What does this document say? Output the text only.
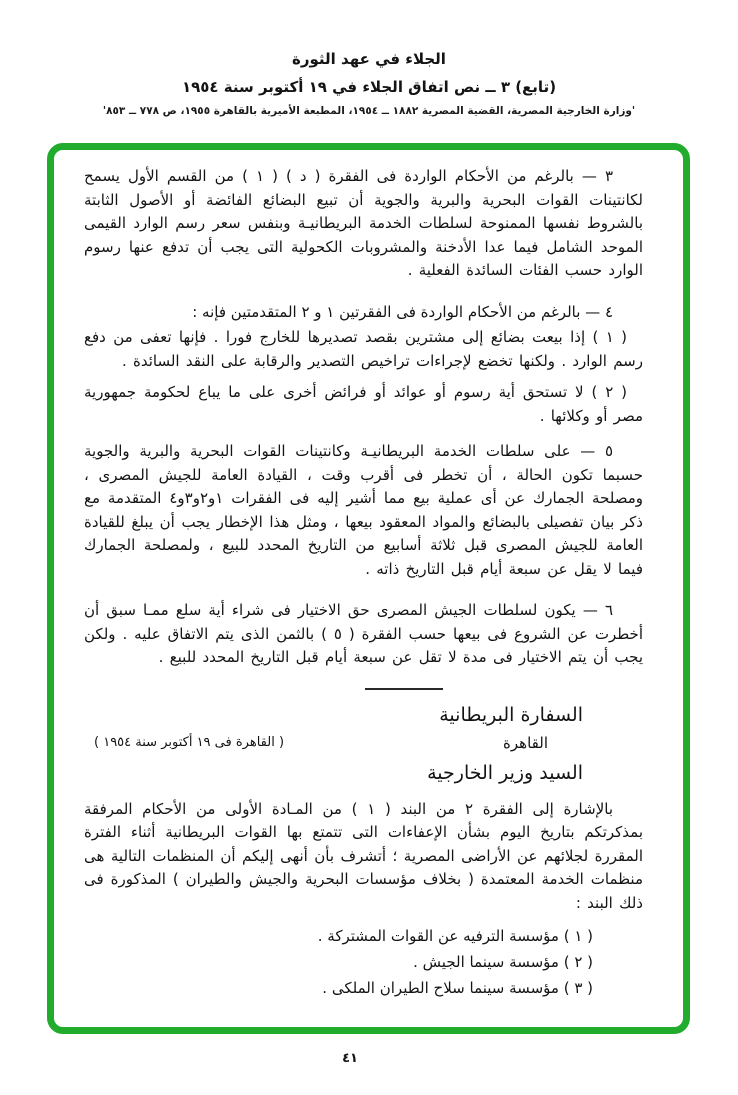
الجلاء في عهد الثورة
(تابع) ٣ ــ نص اتفاق الجلاء في ١٩ أكتوبر سنة ١٩٥٤
'وزارة الخارجية المصرية، القضية المصرية ١٨٨٢ ــ ١٩٥٤، المطبعة الأميرية بالقاهرة ١٩٥٥، ص ٧٧٨ ــ ٨٥٣'

٣ — بالرغم من الأحكام الواردة فى الفقرة ( د ) ( ١ ) من القسم الأول يسمح لكانتينات القوات البحرية والبرية والجوية أن تبيع البضائع الفائضة أو الأصول الثابتة بالشروط نفسها الممنوحة لسلطات الخدمة البريطانيـة وبنفس سعر رسم الوارد القيمى الموحد الشامل فيما عدا الأدخنة والمشروبات الكحولية التى يجب أن تدفع عنها رسوم الوارد حسب الفئات السائدة الفعلية .

٤ — بالرغم من الأحكام الواردة فى الفقرتين ١ و ٢ المتقدمتين فإنه :

( ١ ) إذا بيعت بضائع إلى مشترين بقصد تصديرها للخارج فورا . فإنها تعفى من دفع رسم الوارد . ولكنها تخضع لإجراءات تراخيص التصدير والرقابة على النقد السائدة .

( ٢ ) لا تستحق أية رسوم أو عوائد أو فرائض أخرى على ما يباع لحكومة جمهورية مصر أو وكلائها .

٥ — على سلطات الخدمة البريطانيـة وكانتينات القوات البحرية والبرية والجوية حسبما تكون الحالة ، أن تخطر فى أقرب وقت ، القيادة العامة للجيش المصرى ، ومصلحة الجمارك عن أى عملية بيع مما أشير إليه فى الفقرات ١و٢و٣و٤ المتقدمة مع ذكر بيان تفصيلى بالبضائع والمواد المعقود بيعها ، ومثل هذا الإخطار يجب أن يبلغ للقيادة العامة للجيش المصرى قبل ثلاثة أسابيع من التاريخ المحدد للبيع ، ولمصلحة الجمارك فيما لا يقل عن سبعة أيام قبل التاريخ ذاته .

٦ — يكون لسلطات الجيش المصرى حق الاختيار فى شراء أية سلع ممـا سبق أن أخطرت عن الشروع فى بيعها حسب الفقرة ( ٥ ) بالثمن الذى يتم الاتفاق عليه . ولكن يجب أن يتم الاختيار فى مدة لا تقل عن سبعة أيام قبل التاريخ المحدد للبيع .

السفارة البريطانية
القاهرة
( القاهرة فى ١٩ أكتوبر سنة ١٩٥٤ )
السيد وزير الخارجية

بالإشارة إلى الفقرة ٢ من البند ( ١ ) من المـادة الأولى من الأحكام المرفقة بمذكرتكم بتاريخ اليوم بشأن الإعفاءات التى تتمتع بها القوات البريطانية أثناء الفترة المقررة لجلائهم عن الأراضى المصرية ؛ أتشرف بأن أنهى إليكم أن المنظمات التالية هى منظمات الخدمة المعتمدة ( بخلاف مؤسسات البحرية والجيش والطيران ) المذكورة فى ذلك البند :

( ١ ) مؤسسة الترفيه عن القوات المشتركة .
( ٢ ) مؤسسة سينما الجيش .
( ٣ ) مؤسسة سينما سلاح الطيران الملكى .
٤١
